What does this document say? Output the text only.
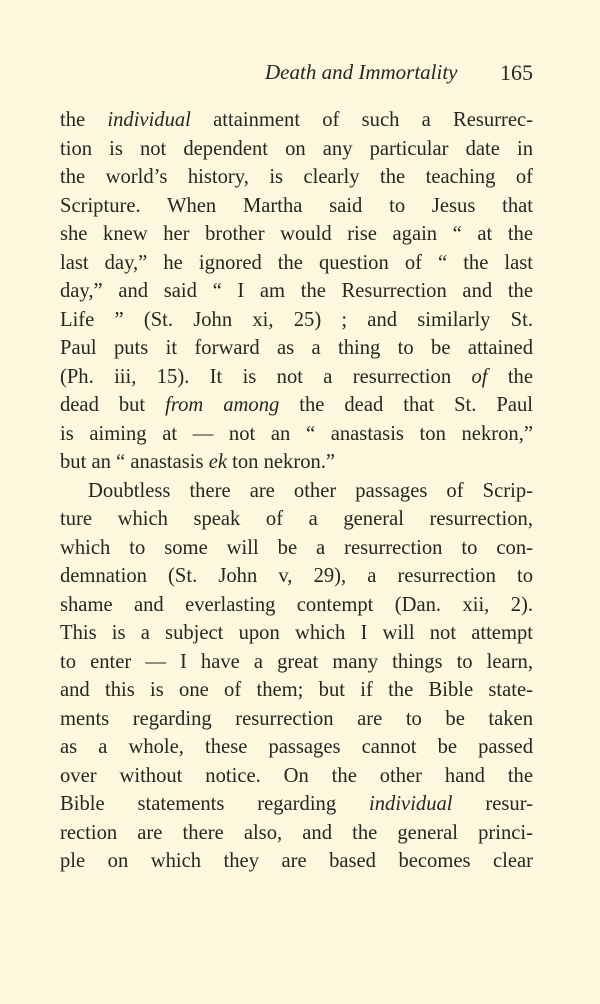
Death and Immortality 165
the individual attainment of such a Resurrec-
tion is not dependent on any particular date in
the world’s history, is clearly the teaching of
Scripture. When Martha said to Jesus that
she knew her brother would rise again “ at the
last day,” he ignored the question of “ the last
day,” and said “ I am the Resurrection and the
Life ” (St. John xi, 25) ; and similarly St.
Paul puts it forward as a thing to be attained
(Ph. iii, 15). It is not a resurrection of the
dead but from among the dead that St. Paul
is aiming at — not an “ anastasis ton nekron,”
but an “ anastasis ek ton nekron.”
Doubtless there are other passages of Scrip-
ture which speak of a general resurrection,
which to some will be a resurrection to con-
demnation (St. John v, 29), a resurrection to
shame and everlasting contempt (Dan. xii, 2).
This is a subject upon which I will not attempt
to enter — I have a great many things to learn,
and this is one of them; but if the Bible state-
ments regarding resurrection are to be taken
as a whole, these passages cannot be passed
over without notice. On the other hand the
Bible statements regarding individual resur-
rection are there also, and the general princi-
ple on which they are based becomes clear
